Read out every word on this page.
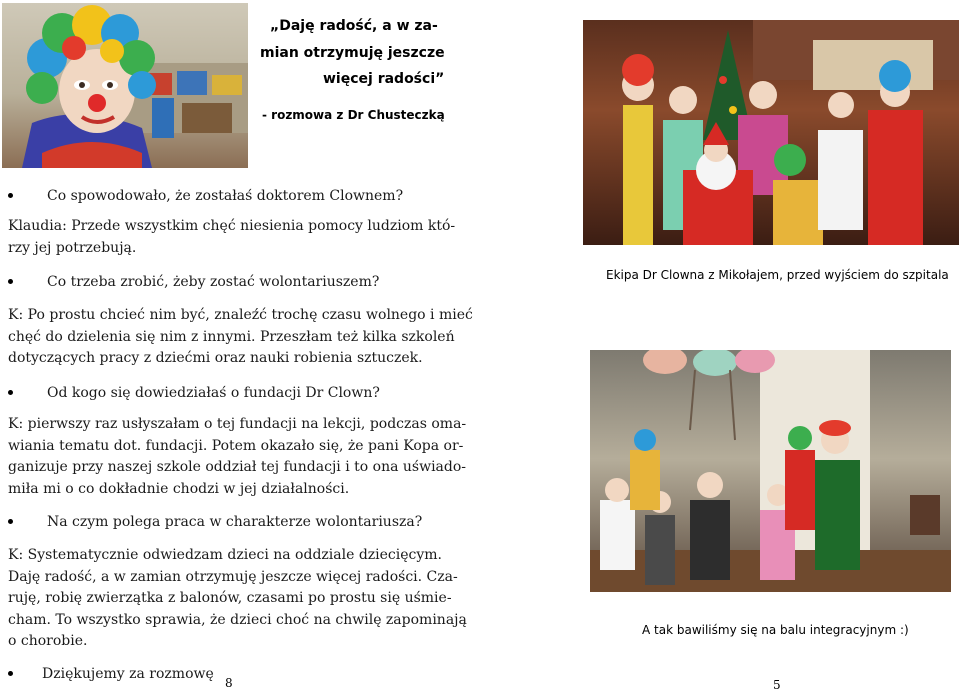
„Daję radość, a w za-
mian otrzymuję jeszcze
więcej radości”
- rozmowa z Dr Chusteczką
Co spowodowało, że zostałaś doktorem Clownem?
Klaudia: Przede wszystkim chęć niesienia pomocy ludziom któ-
rzy jej potrzebują.
Co trzeba zrobić, żeby zostać wolontariuszem?
K: Po prostu chcieć nim być, znaleźć trochę czasu wolnego i mieć
chęć do dzielenia się nim z innymi. Przeszłam też kilka szkoleń
dotyczących pracy z dziećmi oraz nauki robienia sztuczek.
Od kogo się dowiedziałaś o fundacji Dr Clown?
K: pierwszy raz usłyszałam o tej fundacji na lekcji, podczas oma-
wiania tematu dot. fundacji. Potem okazało się, że pani Kopa or-
ganizuje przy naszej szkole oddział tej fundacji i to ona uświado-
miła mi o co dokładnie chodzi w jej działalności.
Na czym polega praca w charakterze wolontariusza?
K: Systematycznie odwiedzam dzieci na oddziale dziecięcym.
Daję radość, a w zamian otrzymuję jeszcze więcej radości. Cza-
ruję, robię zwierzątka z balonów, czasami po prostu się uśmie-
cham. To wszystko sprawia, że dzieci choć na chwilę zapominają
o chorobie.
Dziękujemy za rozmowę
8
Ekipa Dr Clowna z Mikołajem, przed wyjściem do szpitala
A tak bawiliśmy się na balu integracyjnym :)
5
